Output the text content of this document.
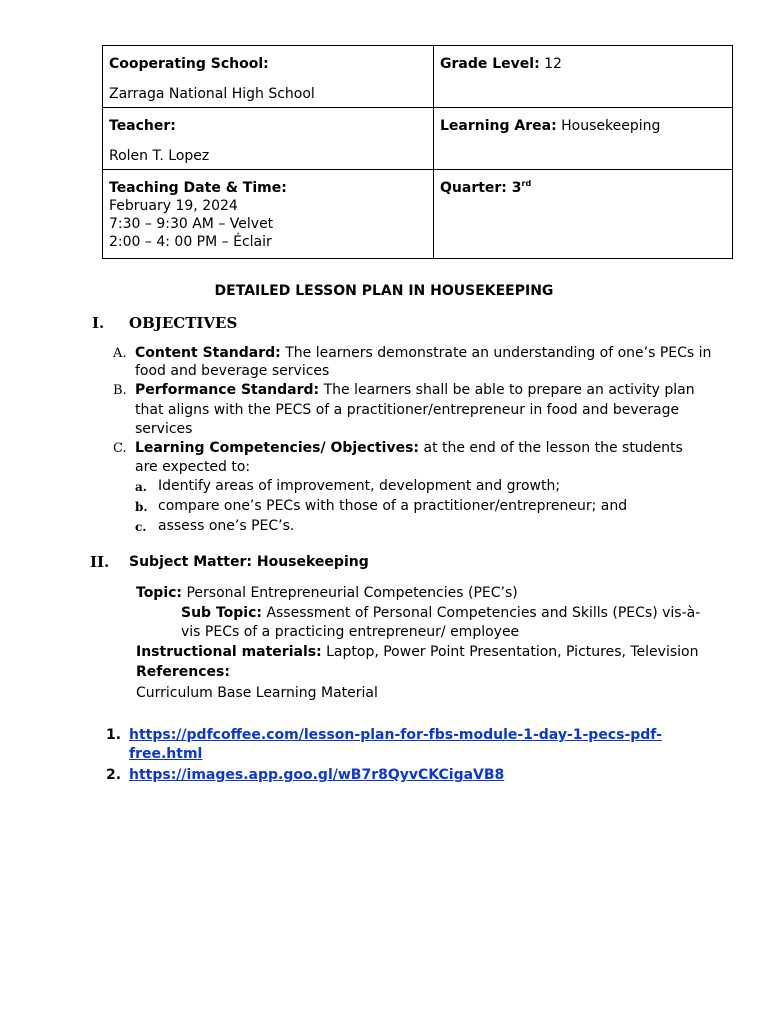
Cooperating School:
Zarraga National High School	Grade Level: 12

Teacher:
Rolen T. Lopez	Learning Area: Housekeeping

Teaching Date & Time:
February 19, 2024
7:30 – 9:30 AM – Velvet
2:00 – 4: 00 PM – Éclair	Quarter: 3rd
DETAILED LESSON PLAN IN HOUSEKEEPING
I. OBJECTIVES
A. Content Standard: The learners demonstrate an understanding of one’s PECs in
food and beverage services
B. Performance Standard: The learners shall be able to prepare an activity plan
that aligns with the PECS of a practitioner/entrepreneur in food and beverage
services
C. Learning Competencies/ Objectives: at the end of the lesson the students
are expected to:
a. Identify areas of improvement, development and growth;
b. compare one’s PECs with those of a practitioner/entrepreneur; and
c. assess one’s PEC’s.
II. Subject Matter: Housekeeping
Topic: Personal Entrepreneurial Competencies (PEC’s)
Sub Topic: Assessment of Personal Competencies and Skills (PECs) vis-à-
vis PECs of a practicing entrepreneur/ employee
Instructional materials: Laptop, Power Point Presentation, Pictures, Television
References:
Curriculum Base Learning Material
1. https://pdfcoffee.com/lesson-plan-for-fbs-module-1-day-1-pecs-pdf-
free.html
2. https://images.app.goo.gl/wB7r8QyvCKCigaVB8
